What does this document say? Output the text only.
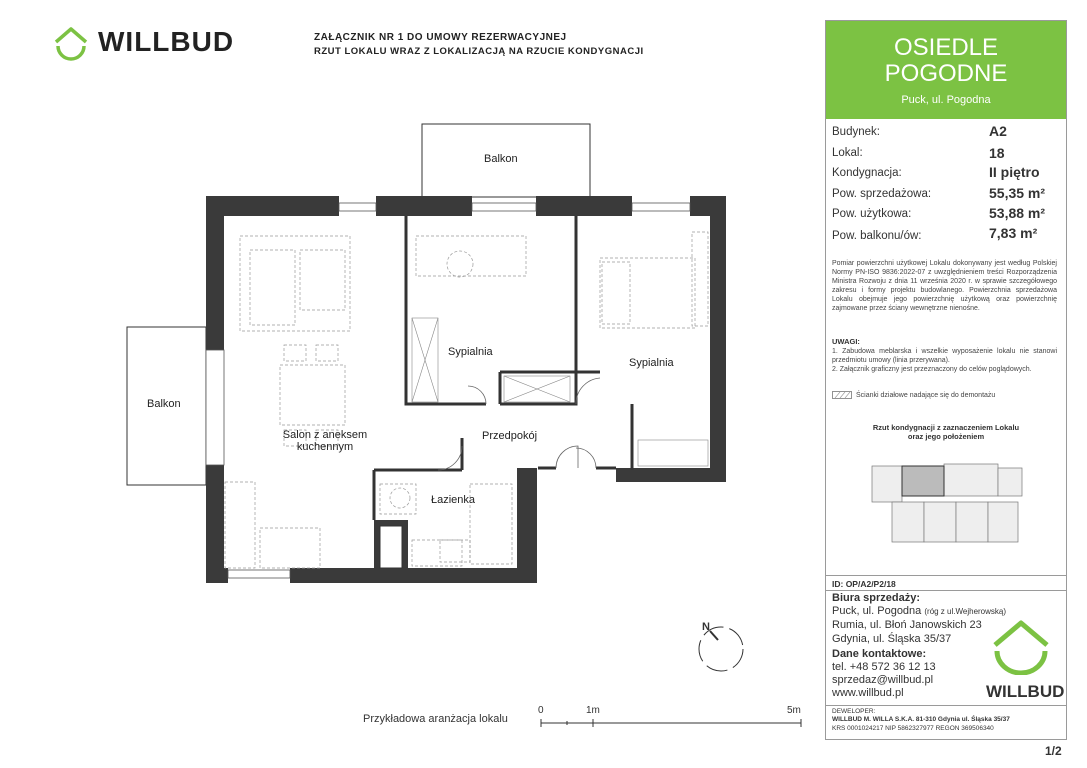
WILLBUD	ZAŁĄCZNIK NR 1 DO UMOWY REZERWACYJNEJ
RZUT LOKALU WRAZ Z LOKALIZACJĄ NA RZUCIE KONDYGNACJI
Balkon
Balkon
Sypialnia
Sypialnia
Salon z aneksem
kuchennym
Przedpokój
Łazienka
N
Przykładowa aranżacja lokalu
0	1m	5m
OSIEDLE
POGODNE
Puck, ul. Pogodna
Budynek:	A2
Lokal:	18
Kondygnacja:	II piętro
Pow. sprzedażowa:	55,35 m²
Pow. użytkowa:	53,88 m²
Pow. balkonu/ów:	7,83 m²
Pomiar powierzchni użytkowej Lokalu dokonywany jest według Polskiej Normy PN-ISO 9836:2022-07 z uwzględnieniem treści Rozporządzenia Ministra Rozwoju z dnia 11 września 2020 r. w sprawie szczegółowego zakresu i formy projektu budowlanego. Powierzchnia sprzedażowa Lokalu obejmuje jego powierzchnię użytkową oraz powierzchnię zajmowane przez ściany wewnętrzne nienośne.
UWAGI:
1. Zabudowa meblarska i wszelkie wyposażenie lokalu nie stanowi przedmiotu umowy (linia przerywana).
2. Załącznik graficzny jest przeznaczony do celów poglądowych.
Ścianki działowe nadające się do demontażu
Rzut kondygnacji z zaznaczeniem Lokalu
oraz jego położeniem
ID: OP/A2/P2/18
Biura sprzedaży:
Puck, ul. Pogodna (róg z ul.Wejherowską)
Rumia, ul. Błoń Janowskich 23
Gdynia, ul. Śląska 35/37
Dane kontaktowe:
tel. +48 572 36 12 13
sprzedaz@willbud.pl
www.willbud.pl	WILLBUD
DEWELOPER:
WILLBUD M. WILLA S.K.A. 81-310 Gdynia ul. Śląska 35/37
KRS 0001024217 NIP 5862327977 REGON 369506340
1/2
